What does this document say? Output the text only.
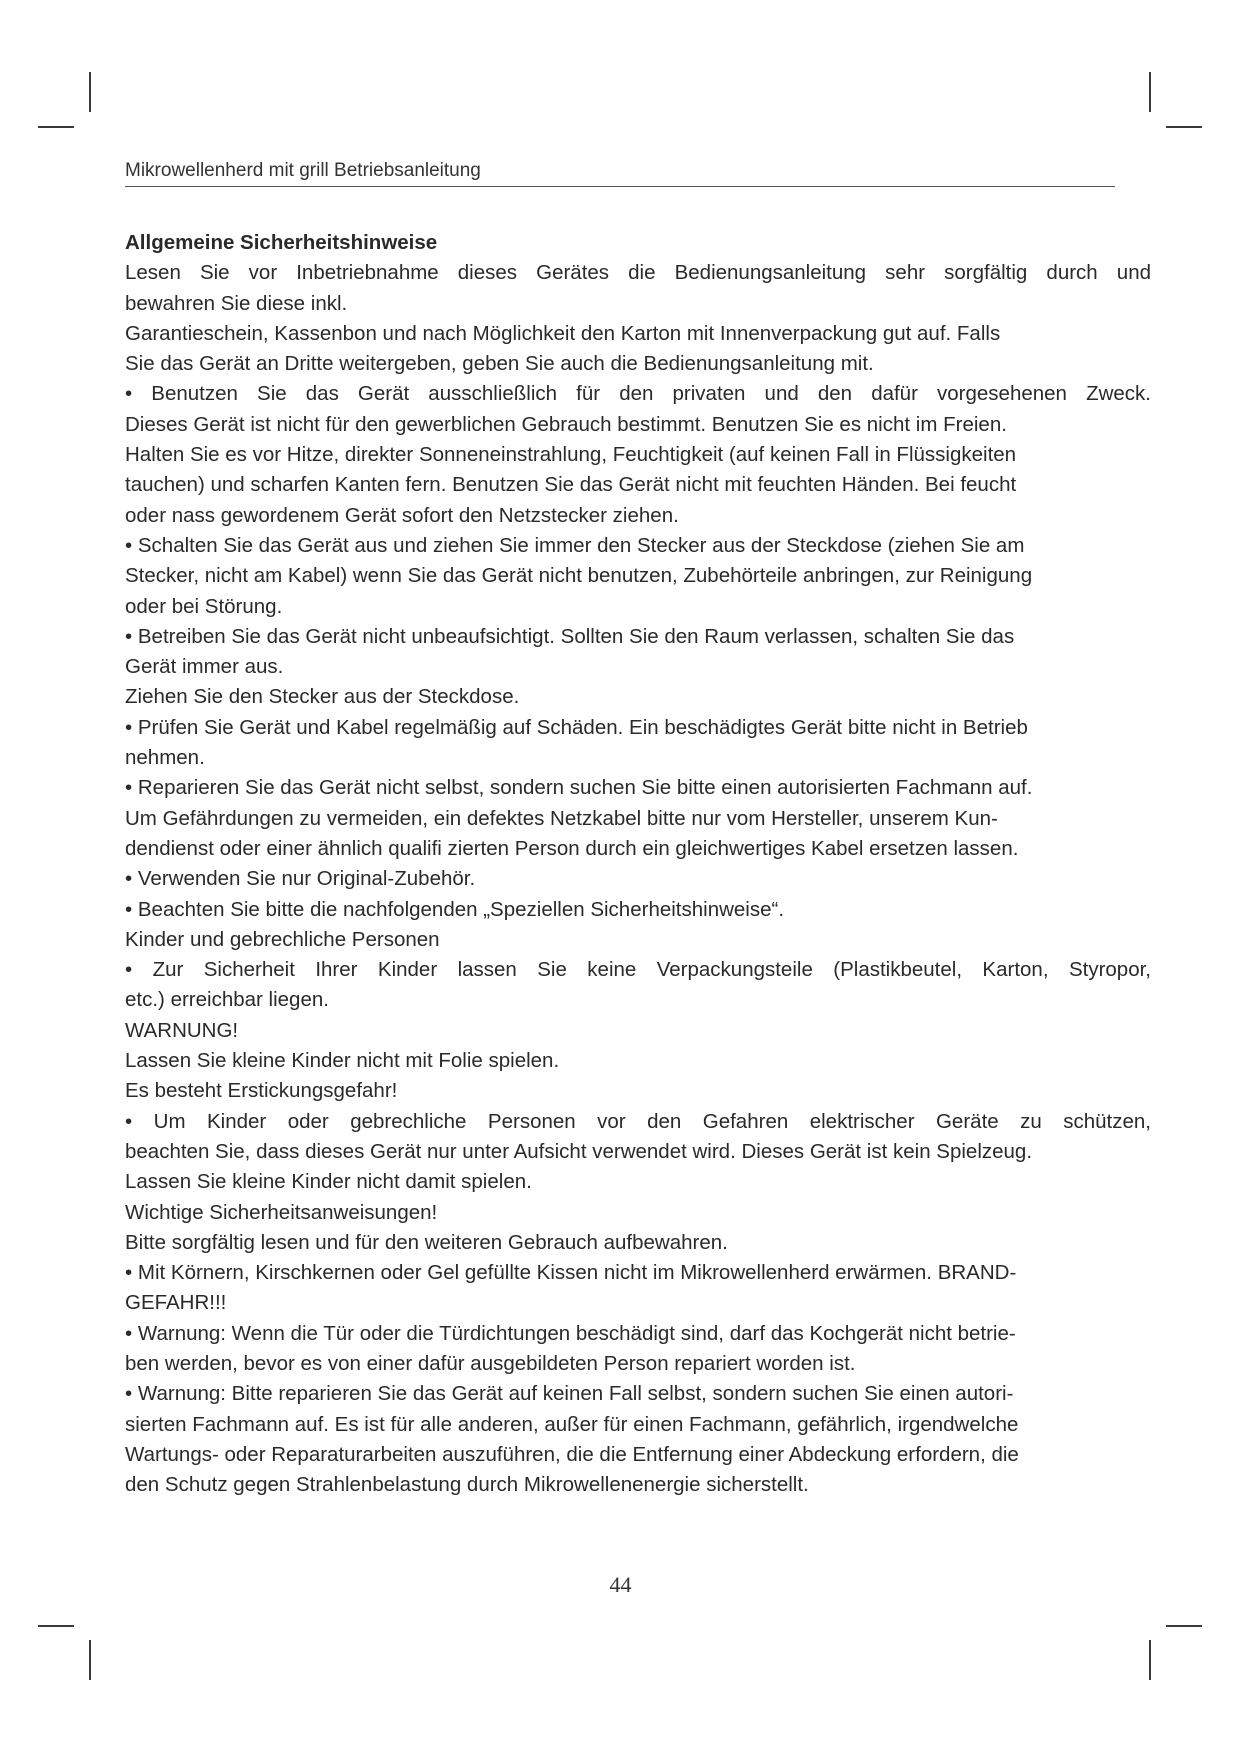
Mikrowellenherd mit grill Betriebsanleitung
Allgemeine Sicherheitshinweise
Lesen Sie vor Inbetriebnahme dieses Gerätes die Bedienungsanleitung sehr sorgfältig durch und
bewahren Sie diese inkl.
Garantieschein, Kassenbon und nach Möglichkeit den Karton mit Innenverpackung gut auf. Falls
Sie das Gerät an Dritte weitergeben, geben Sie auch die Bedienungsanleitung mit.
• Benutzen Sie das Gerät ausschließlich für den privaten und den dafür vorgesehenen Zweck.
Dieses Gerät ist nicht für den gewerblichen Gebrauch bestimmt. Benutzen Sie es nicht im Freien.
Halten Sie es vor Hitze, direkter Sonneneinstrahlung, Feuchtigkeit (auf keinen Fall in Flüssigkeiten
tauchen) und scharfen Kanten fern. Benutzen Sie das Gerät nicht mit feuchten Händen. Bei feucht
oder nass gewordenem Gerät sofort den Netzstecker ziehen.
• Schalten Sie das Gerät aus und ziehen Sie immer den Stecker aus der Steckdose (ziehen Sie am
Stecker, nicht am Kabel) wenn Sie das Gerät nicht benutzen, Zubehörteile anbringen, zur Reinigung
oder bei Störung.
• Betreiben Sie das Gerät nicht unbeaufsichtigt. Sollten Sie den Raum verlassen, schalten Sie das
Gerät immer aus.
Ziehen Sie den Stecker aus der Steckdose.
• Prüfen Sie Gerät und Kabel regelmäßig auf Schäden. Ein beschädigtes Gerät bitte nicht in Betrieb
nehmen.
• Reparieren Sie das Gerät nicht selbst, sondern suchen Sie bitte einen autorisierten Fachmann auf.
Um Gefährdungen zu vermeiden, ein defektes Netzkabel bitte nur vom Hersteller, unserem Kun-
dendienst oder einer ähnlich qualifi zierten Person durch ein gleichwertiges Kabel ersetzen lassen.
• Verwenden Sie nur Original-Zubehör.
• Beachten Sie bitte die nachfolgenden „Speziellen Sicherheitshinweise“.
Kinder und gebrechliche Personen
• Zur Sicherheit Ihrer Kinder lassen Sie keine Verpackungsteile (Plastikbeutel, Karton, Styropor,
etc.) erreichbar liegen.
WARNUNG!
Lassen Sie kleine Kinder nicht mit Folie spielen.
Es besteht Erstickungsgefahr!
• Um Kinder oder gebrechliche Personen vor den Gefahren elektrischer Geräte zu schützen,
beachten Sie, dass dieses Gerät nur unter Aufsicht verwendet wird. Dieses Gerät ist kein Spielzeug.
Lassen Sie kleine Kinder nicht damit spielen.
Wichtige Sicherheitsanweisungen!
Bitte sorgfältig lesen und für den weiteren Gebrauch aufbewahren.
• Mit Körnern, Kirschkernen oder Gel gefüllte Kissen nicht im Mikrowellenherd erwärmen. BRAND-
GEFAHR!!!
• Warnung: Wenn die Tür oder die Türdichtungen beschädigt sind, darf das Kochgerät nicht betrie-
ben werden, bevor es von einer dafür ausgebildeten Person repariert worden ist.
• Warnung: Bitte reparieren Sie das Gerät auf keinen Fall selbst, sondern suchen Sie einen autori-
sierten Fachmann auf. Es ist für alle anderen, außer für einen Fachmann, gefährlich, irgendwelche
Wartungs- oder Reparaturarbeiten auszuführen, die die Entfernung einer Abdeckung erfordern, die
den Schutz gegen Strahlenbelastung durch Mikrowellenenergie sicherstellt.
44
